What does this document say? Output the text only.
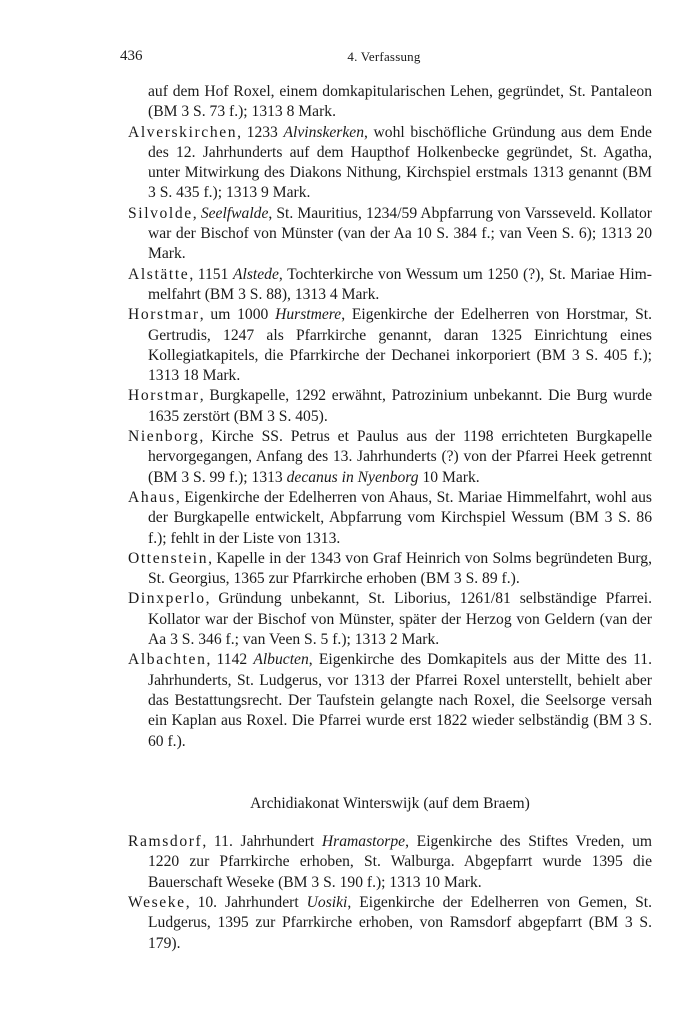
436	4. Verfassung

auf dem Hof Roxel, einem domkapitularischen Lehen, gegründet, St. Pantaleon (BM 3 S. 73 f.); 1313 8 Mark.

Alverskirchen, 1233 Alvinskerken, wohl bischöfliche Gründung aus dem Ende des 12. Jahrhunderts auf dem Haupthof Holkenbecke gegründet, St. Agatha, unter Mitwirkung des Diakons Nithung, Kirchspiel erstmals 1313 genannt (BM 3 S. 435 f.); 1313 9 Mark.

Silvolde, Seelfwalde, St. Mauritius, 1234/59 Abpfarrung von Varsseveld. Kollator war der Bischof von Münster (van der Aa 10 S. 384 f.; van Veen S. 6); 1313 20 Mark.

Alstätte, 1151 Alstede, Tochterkirche von Wessum um 1250 (?), St. Mariae Himmelfahrt (BM 3 S. 88), 1313 4 Mark.

Horstmar, um 1000 Hurstmere, Eigenkirche der Edelherren von Horstmar, St. Gertrudis, 1247 als Pfarrkirche genannt, daran 1325 Einrichtung eines Kollegiatkapitels, die Pfarrkirche der Dechanei inkorporiert (BM 3 S. 405 f.); 1313 18 Mark.

Horstmar, Burgkapelle, 1292 erwähnt, Patrozinium unbekannt. Die Burg wurde 1635 zerstört (BM 3 S. 405).

Nienborg, Kirche SS. Petrus et Paulus aus der 1198 errichteten Burgkapelle hervorgegangen, Anfang des 13. Jahrhunderts (?) von der Pfarrei Heek getrennt (BM 3 S. 99 f.); 1313 decanus in Nyenborg 10 Mark.

Ahaus, Eigenkirche der Edelherren von Ahaus, St. Mariae Himmelfahrt, wohl aus der Burgkapelle entwickelt, Abpfarrung vom Kirchspiel Wessum (BM 3 S. 86 f.); fehlt in der Liste von 1313.

Ottenstein, Kapelle in der 1343 von Graf Heinrich von Solms begründeten Burg, St. Georgius, 1365 zur Pfarrkirche erhoben (BM 3 S. 89 f.).

Dinxperlo, Gründung unbekannt, St. Liborius, 1261/81 selbständige Pfarrei. Kollator war der Bischof von Münster, später der Herzog von Geldern (van der Aa 3 S. 346 f.; van Veen S. 5 f.); 1313 2 Mark.

Albachten, 1142 Albucten, Eigenkirche des Domkapitels aus der Mitte des 11. Jahrhunderts, St. Ludgerus, vor 1313 der Pfarrei Roxel unterstellt, behielt aber das Bestattungsrecht. Der Taufstein gelangte nach Roxel, die Seelsorge versah ein Kaplan aus Roxel. Die Pfarrei wurde erst 1822 wieder selbständig (BM 3 S. 60 f.).

Archidiakonat Winterswijk (auf dem Braem)

Ramsdorf, 11. Jahrhundert Hramastorpe, Eigenkirche des Stiftes Vreden, um 1220 zur Pfarrkirche erhoben, St. Walburga. Abgepfarrt wurde 1395 die Bauerschaft Weseke (BM 3 S. 190 f.); 1313 10 Mark.

Weseke, 10. Jahrhundert Uosiki, Eigenkirche der Edelherren von Gemen, St. Ludgerus, 1395 zur Pfarrkirche erhoben, von Ramsdorf abgepfarrt (BM 3 S. 179).
